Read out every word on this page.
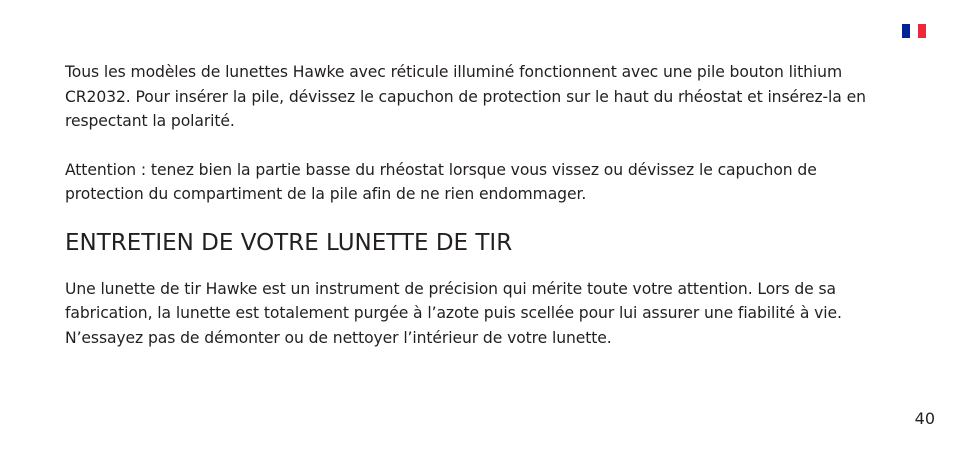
Tous les modèles de lunettes Hawke avec réticule illuminé fonctionnent avec une pile bouton lithium CR2032. Pour insérer la pile, dévissez le capuchon de protection sur le haut du rhéostat et insérez-la en respectant la polarité.

Attention : tenez bien la partie basse du rhéostat lorsque vous vissez ou dévissez le capuchon de protection du compartiment de la pile afin de ne rien endommager.

ENTRETIEN DE VOTRE LUNETTE DE TIR

Une lunette de tir Hawke est un instrument de précision qui mérite toute votre attention. Lors de sa fabrication, la lunette est totalement purgée à l’azote puis scellée pour lui assurer une fiabilité à vie. N’essayez pas de démonter ou de nettoyer l’intérieur de votre lunette.

40
